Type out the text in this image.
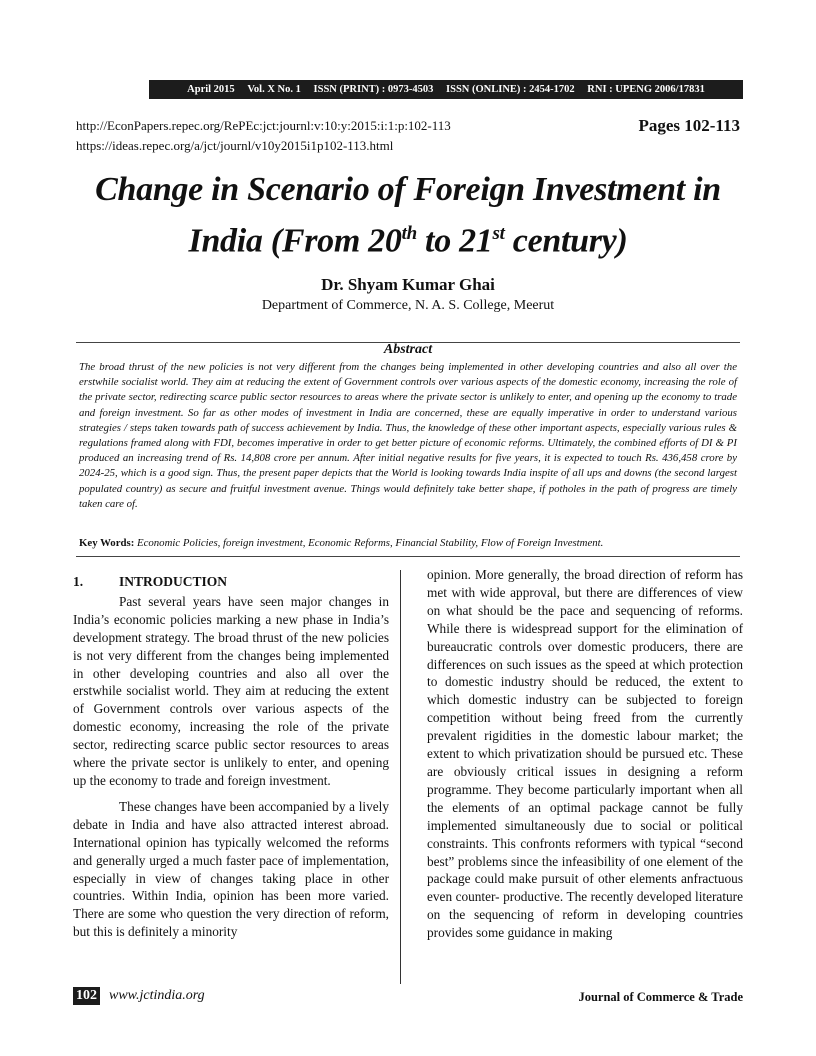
April 2015 Vol. X No. 1 ISSN (PRINT) : 0973-4503 ISSN (ONLINE) : 2454-1702 RNI : UPENG 2006/17831
http://EconPapers.repec.org/RePEc:jct:journl:v:10:y:2015:i:1:p:102-113
https://ideas.repec.org/a/jct/journl/v10y2015i1p102-113.html
Pages 102-113
Change in Scenario of Foreign Investment in
India (From 20th to 21st century)
Dr. Shyam Kumar Ghai
Department of Commerce, N. A. S. College, Meerut
Abstract
The broad thrust of the new policies is not very different from the changes being implemented in other developing countries and also all over the erstwhile socialist world. They aim at reducing the extent of Government controls over various aspects of the domestic economy, increasing the role of the private sector, redirecting scarce public sector resources to areas where the private sector is unlikely to enter, and opening up the economy to trade and foreign investment. So far as other modes of investment in India are concerned, these are equally imperative in order to understand various strategies / steps taken towards path of success achievement by India. Thus, the knowledge of these other important aspects, especially various rules & regulations framed along with FDI, becomes imperative in order to get better picture of economic reforms. Ultimately, the combined efforts of DI & PI produced an increasing trend of Rs. 14,808 crore per annum. After initial negative results for five years, it is expected to touch Rs. 436,458 crore by 2024-25, which is a good sign. Thus, the present paper depicts that the World is looking towards India inspite of all ups and downs (the second largest populated country) as secure and fruitful investment avenue. Things would definitely take better shape, if potholes in the path of progress are timely taken care of.
Key Words: Economic Policies, foreign investment, Economic Reforms, Financial Stability, Flow of Foreign Investment.
1.	INTRODUCTION

Past several years have seen major changes in India’s economic policies marking a new phase in India’s development strategy. The broad thrust of the new policies is not very different from the changes being implemented in other developing countries and also all over the erstwhile socialist world. They aim at reducing the extent of Government controls over various aspects of the domestic economy, increasing the role of the private sector, redirecting scarce public sector resources to areas where the private sector is unlikely to enter, and opening up the economy to trade and foreign investment.

These changes have been accompanied by a lively debate in India and have also attracted interest abroad. International opinion has typically welcomed the reforms and generally urged a much faster pace of implementation, especially in view of changes taking place in other countries. Within India, opinion has been more varied. There are some who question the very direction of reform, but this is definitely a minority

opinion. More generally, the broad direction of reform has met with wide approval, but there are differences of view on what should be the pace and sequencing of reforms. While there is widespread support for the elimination of bureaucratic controls over domestic producers, there are differences on such issues as the speed at which protection to domestic industry should be reduced, the extent to which domestic industry can be subjected to foreign competition without being freed from the currently prevalent rigidities in the domestic labour market; the extent to which privatization should be pursued etc. These are obviously critical issues in designing a reform programme. They become particularly important when all the elements of an optimal package cannot be fully implemented simultaneously due to social or political constraints. This confronts reformers with typical “second best” problems since the infeasibility of one element of the package could make pursuit of other elements anfractuous even counter- productive. The recently developed literature on the sequencing of reform in developing countries provides some guidance in making

102 www.jctindia.org	Journal of Commerce & Trade
